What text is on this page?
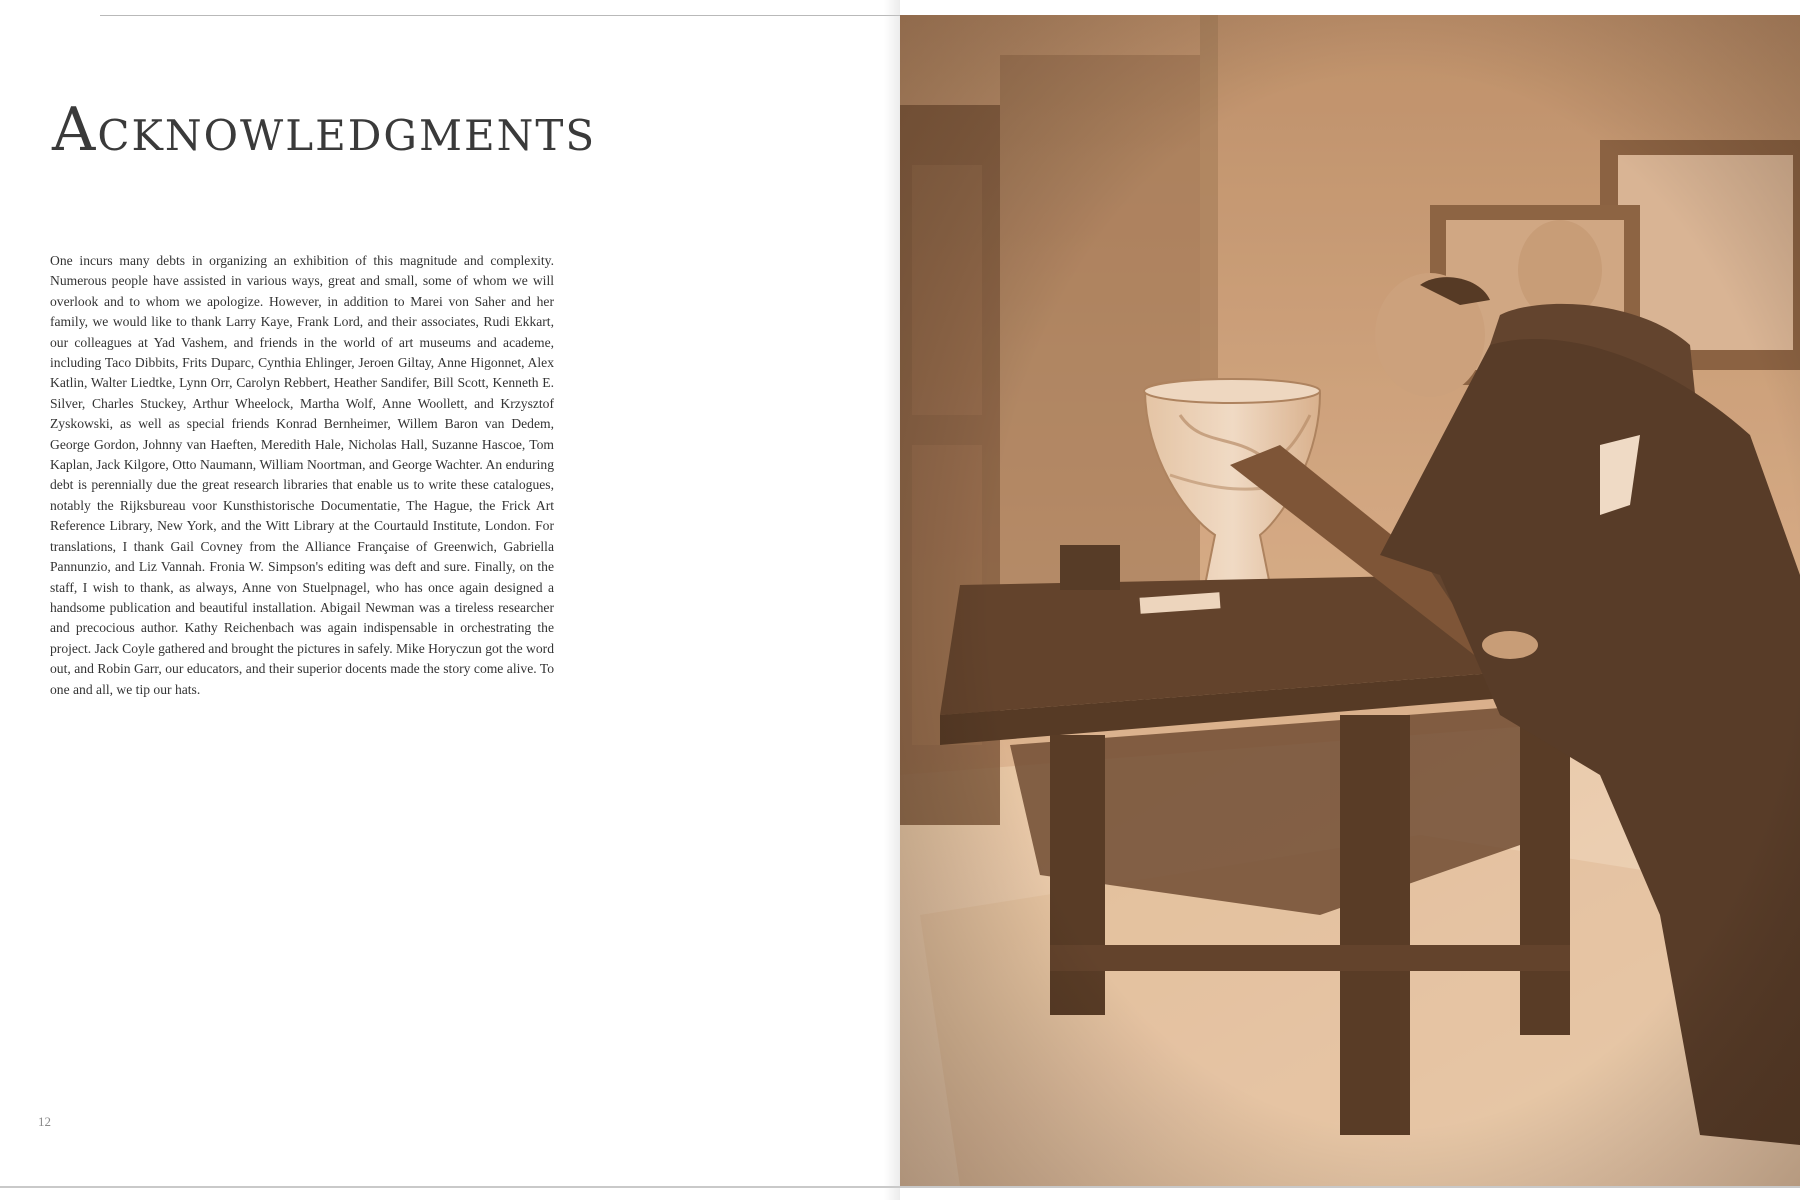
Acknowledgments

One incurs many debts in organizing an exhibition of this magnitude and complexity. Numerous people have assisted in various ways, great and small, some of whom we will overlook and to whom we apologize. However, in addition to Marei von Saher and her family, we would like to thank Larry Kaye, Frank Lord, and their associates, Rudi Ekkart, our colleagues at Yad Vashem, and friends in the world of art museums and academe, including Taco Dibbits, Frits Duparc, Cynthia Ehlinger, Jeroen Giltay, Anne Higonnet, Alex Katlin, Walter Liedtke, Lynn Orr, Carolyn Rebbert, Heather Sandifer, Bill Scott, Kenneth E. Silver, Charles Stuckey, Arthur Wheelock, Martha Wolf, Anne Woollett, and Krzysztof Zyskowski, as well as special friends Konrad Bernheimer, Willem Baron van Dedem, George Gordon, Johnny van Haeften, Meredith Hale, Nicholas Hall, Suzanne Hascoe, Tom Kaplan, Jack Kilgore, Otto Naumann, William Noortman, and George Wachter. An enduring debt is perennially due the great research libraries that enable us to write these catalogues, notably the Rijksbureau voor Kunsthistorische Documentatie, The Hague, the Frick Art Reference Library, New York, and the Witt Library at the Courtauld Institute, London. For translations, I thank Gail Covney from the Alliance Française of Greenwich, Gabriella Pannunzio, and Liz Vannah. Fronia W. Simpson's editing was deft and sure. Finally, on the staff, I wish to thank, as always, Anne von Stuelpnagel, who has once again designed a handsome publication and beautiful installation. Abigail Newman was a tireless researcher and precocious author. Kathy Reichenbach was again indispensable in orchestrating the project. Jack Coyle gathered and brought the pictures in safely. Mike Horyczun got the word out, and Robin Garr, our educators, and their superior docents made the story come alive. To one and all, we tip our hats.

12
